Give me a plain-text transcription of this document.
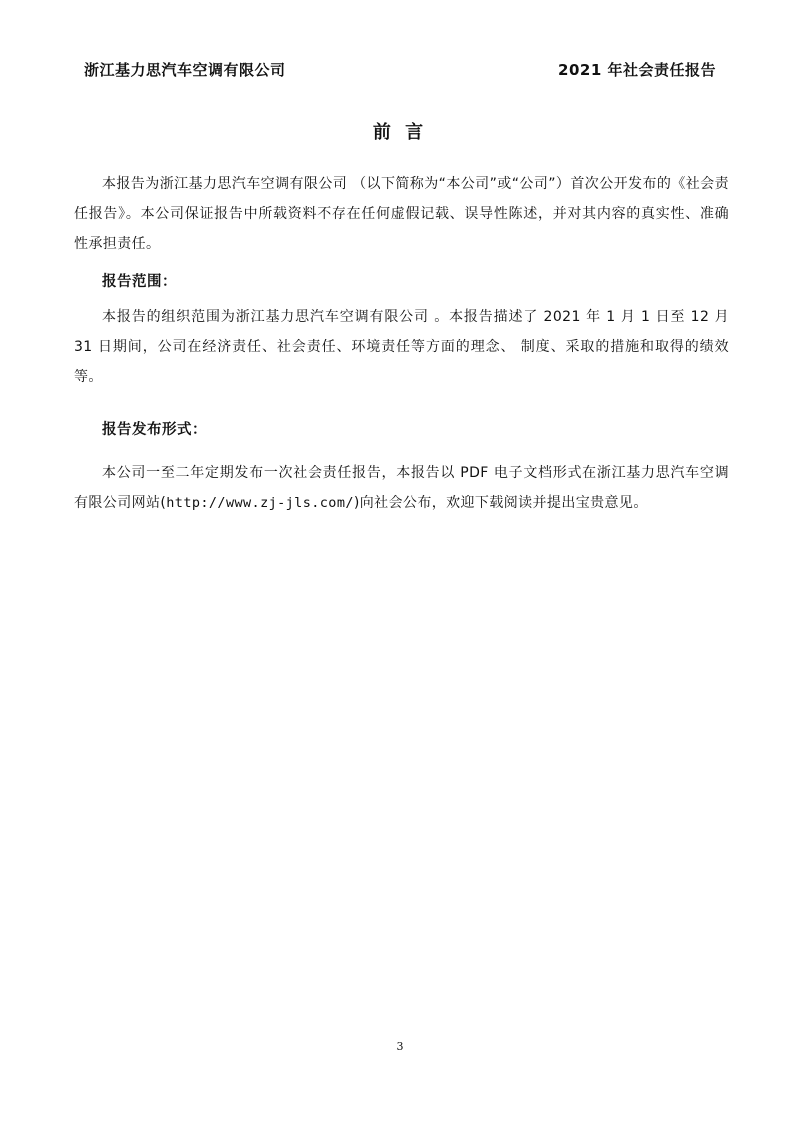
浙江基力思汽车空调有限公司	2021 年社会责任报告
前 言

本报告为浙江基力思汽车空调有限公司 （以下简称为“本公司”或“公司”）首次公开发布的《社会责任报告》。本公司保证报告中所载资料不存在任何虚假记载、误导性陈述，并对其内容的真实性、准确性承担责任。

报告范围：

本报告的组织范围为浙江基力思汽车空调有限公司 。本报告描述了 2021 年 1 月 1 日至 12 月 31 日期间，公司在经济责任、社会责任、环境责任等方面的理念、 制度、采取的措施和取得的绩效等。

报告发布形式：

本公司一至二年定期发布一次社会责任报告，本报告以 PDF 电子文档形式在浙江基力思汽车空调有限公司网站(http://www.zj-jls.com/)向社会公布，欢迎下载阅读并提出宝贵意见。

3
